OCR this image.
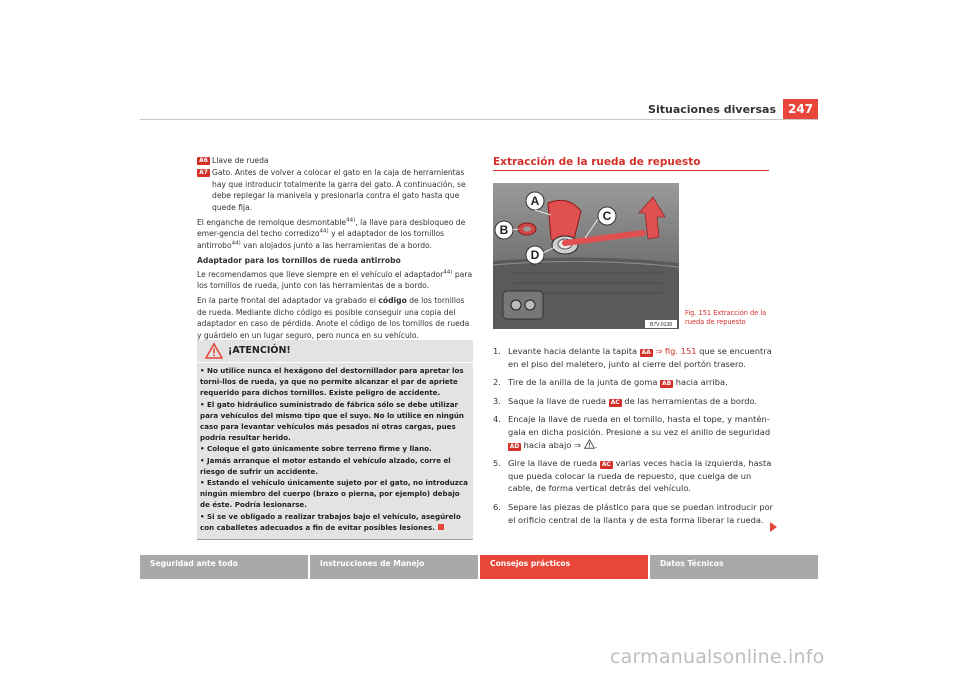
Situaciones diversas 247
A6 Llave de rueda
A7 Gato. Antes de volver a colocar el gato en la caja de herramientas hay que introducir totalmente la garra del gato. A continuación, se debe replegar la manivela y presionarla contra el gato hasta que quede fija.
El enganche de remolque desmontable$^{44)}$, la llave para desbloqueo de emer-gencia del techo corredizo$^{44)}$ y el adaptador de los tornillos antirrobo$^{44)}$ van alojados junto a las herramientas de a bordo.
Adaptador para los tornillos de rueda antirrobo
Le recomendamos que lleve siempre en el vehículo el adaptador$^{44)}$ para los tornillos de rueda, junto con las herramientas de a bordo.
En la parte frontal del adaptador va grabado el código de los tornillos de rueda. Mediante dicho código es posible conseguir una copia del adaptador en caso de pérdida. Anote el código de los tornillos de rueda y guárdelo en un lugar seguro, pero nunca en su vehículo.
¡ATENCIÓN!

• No utilice nunca el hexágono del destornillador para apretar los torni-llos de rueda, ya que no permite alcanzar el par de apriete requerido para dichos tornillos. Existe peligro de accidente.

• El gato hidráulico suministrado de fábrica sólo se debe utilizar para vehículos del mismo tipo que el suyo. No lo utilice en ningún caso para levantar vehículos más pesados ni otras cargas, pues podría resultar herido.

• Coloque el gato únicamente sobre terreno firme y llano.

• Jamás arranque el motor estando el vehículo alzado, corre el riesgo de sufrir un accidente.

• Estando el vehículo únicamente sujeto por el gato, no introduzca ningún miembro del cuerpo (brazo o pierna, por ejemplo) debajo de éste. Podría lesionarse.

• Si se ve obligado a realizar trabajos bajo el vehículo, asegúrelo con caballetes adecuados a fin de evitar posibles lesiones.

Extracción de la rueda de repuesto
A
B
C
D
B7V-0138
Fig. 151 Extracción de la rueda de repuesto
1. Levante hacia delante la tapita AA ⇒ fig. 151 que se encuentra en el piso del maletero, junto al cierre del portón trasero.
2. Tire de la anilla de la junta de goma AB hacia arriba.
3. Saque la llave de rueda AC de las herramientas de a bordo.
4. Encaje la llave de rueda en el tornillo, hasta el tope, y mantén-gala en dicha posición. Presione a su vez el anillo de seguridad AD hacia abajo ⇒ .
5. Gire la llave de rueda AC varias veces hacia la izquierda, hasta que pueda colocar la rueda de repuesto, que cuelga de un cable, de forma vertical detrás del vehículo.
6. Separe las piezas de plástico para que se puedan introducir por el orificio central de la llanta y de esta forma liberar la rueda.
Seguridad ante todo	Instrucciones de Manejo	Consejos prácticos	Datos Técnicos
carmanualsonline.info
